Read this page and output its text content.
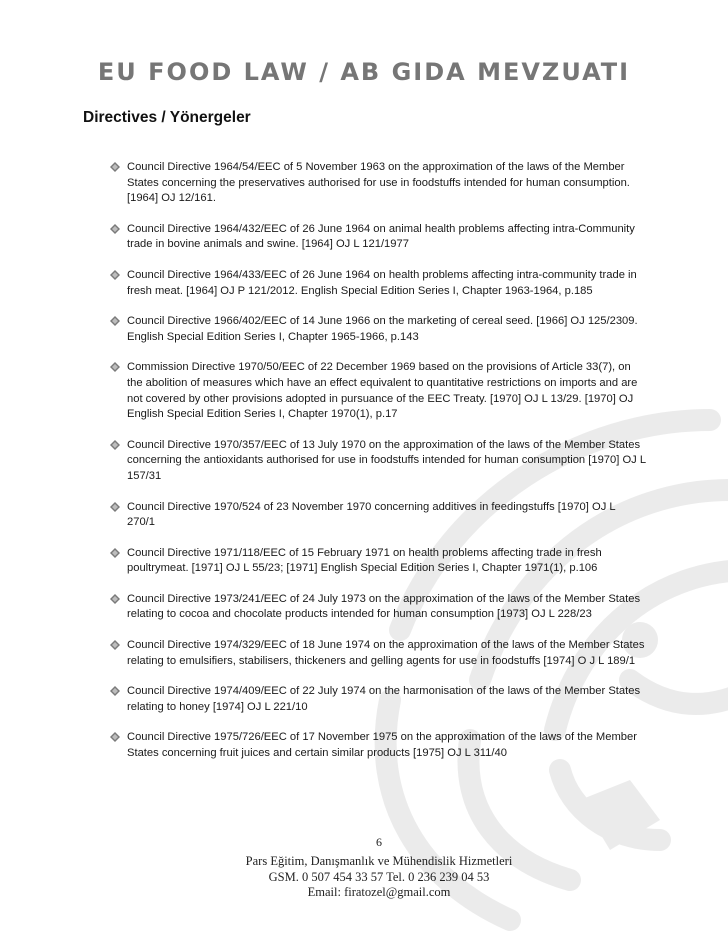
EU FOOD LAW / AB GIDA MEVZUATI
Directives / Yönergeler
Council Directive 1964/54/EEC of 5 November 1963 on the approximation of the laws of the Member States concerning the preservatives authorised for use in foodstuffs intended for human consumption. [1964] OJ 12/161.
Council Directive 1964/432/EEC of 26 June 1964 on animal health problems affecting intra-Community trade in bovine animals and swine. [1964] OJ L 121/1977
Council Directive 1964/433/EEC of 26 June 1964 on health problems affecting intra-community trade in fresh meat. [1964] OJ P 121/2012. English Special Edition Series I, Chapter 1963-1964, p.185
Council Directive 1966/402/EEC of 14 June 1966 on the marketing of cereal seed. [1966] OJ 125/2309. English Special Edition Series I, Chapter 1965-1966, p.143
Commission Directive 1970/50/EEC of 22 December 1969 based on the provisions of Article 33(7), on the abolition of measures which have an effect equivalent to quantitative restrictions on imports and are not covered by other provisions adopted in pursuance of the EEC Treaty. [1970] OJ L 13/29. [1970] OJ English Special Edition Series I, Chapter 1970(1), p.17
Council Directive 1970/357/EEC of 13 July 1970 on the approximation of the laws of the Member States concerning the antioxidants authorised for use in foodstuffs intended for human consumption [1970] OJ L 157/31
Council Directive 1970/524 of 23 November 1970 concerning additives in feedingstuffs [1970] OJ L 270/1
Council Directive 1971/118/EEC of 15 February 1971 on health problems affecting trade in fresh poultrymeat. [1971] OJ L 55/23; [1971] English Special Edition Series I, Chapter 1971(1), p.106
Council Directive 1973/241/EEC of 24 July 1973 on the approximation of the laws of the Member States relating to cocoa and chocolate products intended for human consumption [1973] OJ L 228/23
Council Directive 1974/329/EEC of 18 June 1974 on the approximation of the laws of the Member States relating to emulsifiers, stabilisers, thickeners and gelling agents for use in foodstuffs [1974] O J L 189/1
Council Directive 1974/409/EEC of 22 July 1974 on the harmonisation of the laws of the Member States relating to honey [1974] OJ L 221/10
Council Directive 1975/726/EEC of 17 November 1975 on the approximation of the laws of the Member States concerning fruit juices and certain similar products [1975] OJ L 311/40
6
Pars Eğitim, Danışmanlık ve Mühendislik Hizmetleri
GSM. 0 507 454 33 57 Tel. 0 236 239 04 53
Email: firatozel@gmail.com
